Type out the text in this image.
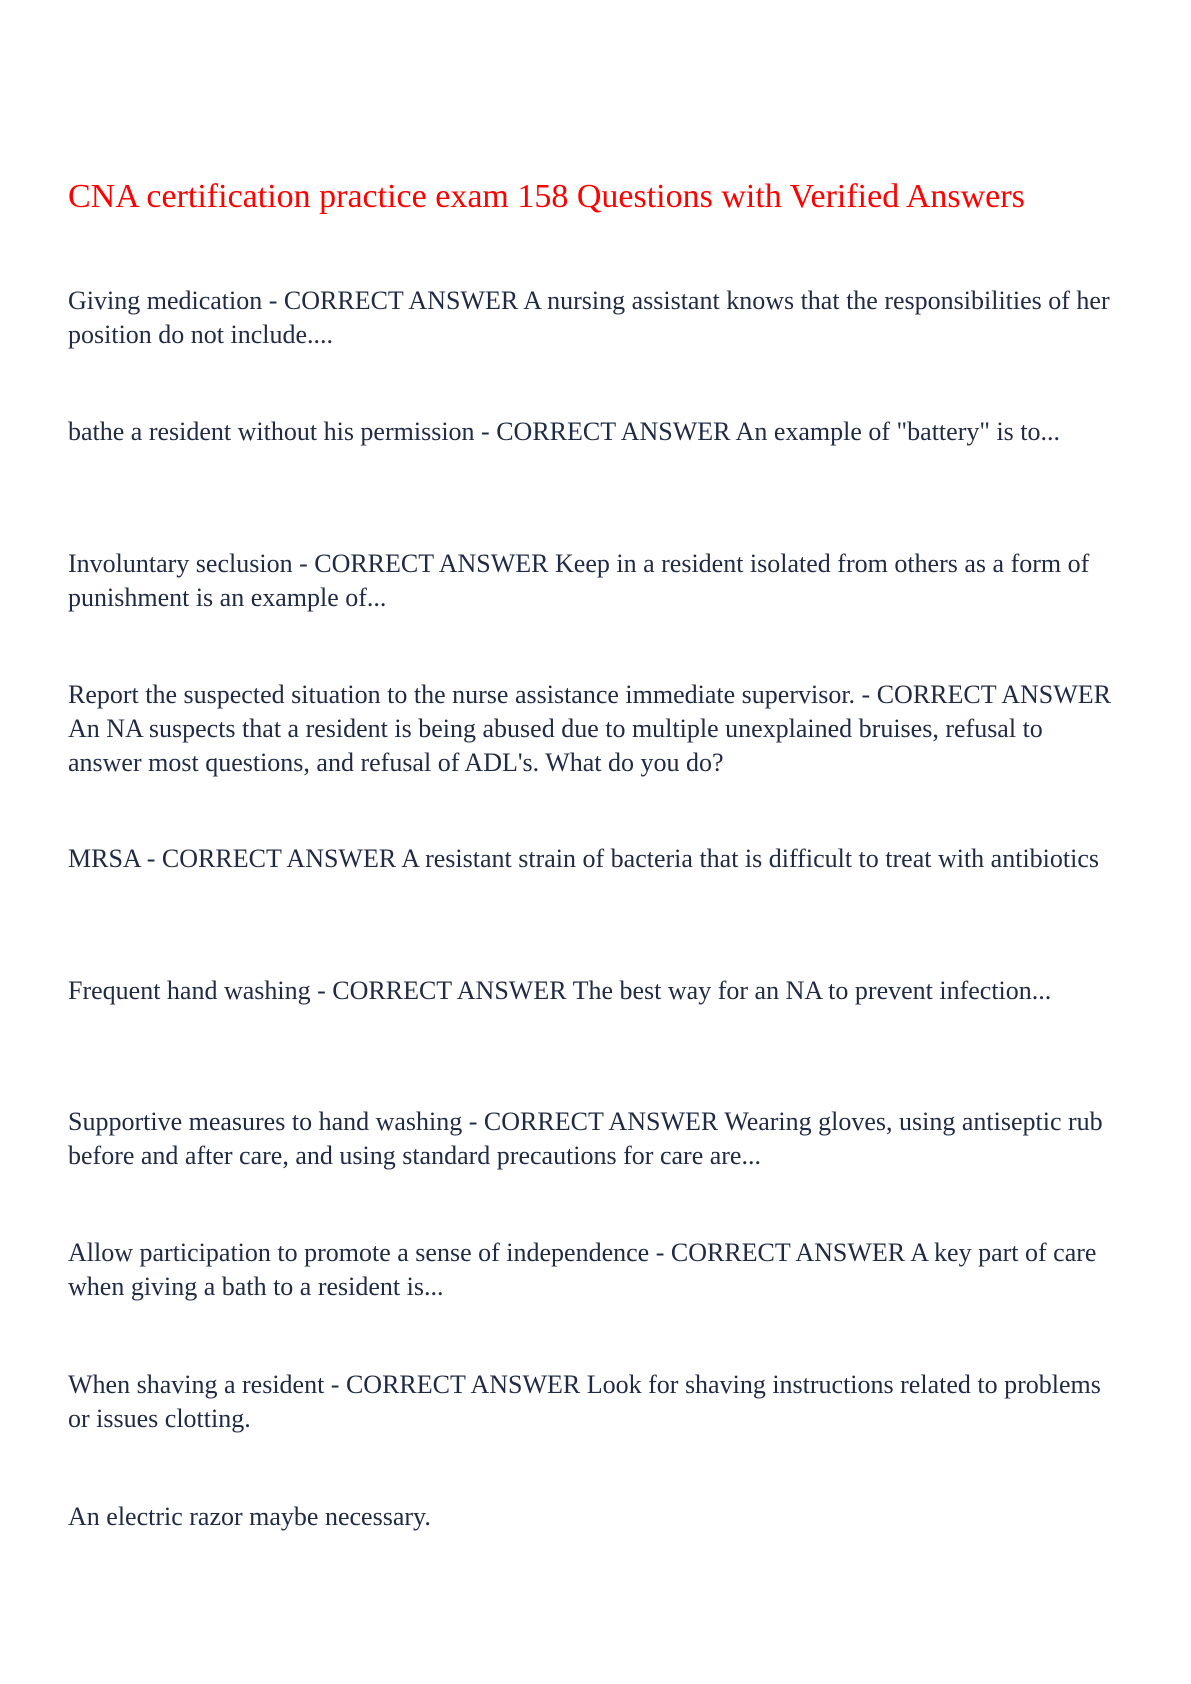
CNA certification practice exam 158 Questions with Verified Answers

Giving medication - CORRECT ANSWER A nursing assistant knows that the responsibilities of her position do not include....

bathe a resident without his permission - CORRECT ANSWER An example of "battery" is to...

Involuntary seclusion - CORRECT ANSWER Keep in a resident isolated from others as a form of punishment is an example of...

Report the suspected situation to the nurse assistance immediate supervisor. - CORRECT ANSWER An NA suspects that a resident is being abused due to multiple unexplained bruises, refusal to answer most questions, and refusal of ADL's. What do you do?

MRSA - CORRECT ANSWER A resistant strain of bacteria that is difficult to treat with antibiotics

Frequent hand washing - CORRECT ANSWER The best way for an NA to prevent infection...

Supportive measures to hand washing - CORRECT ANSWER Wearing gloves, using antiseptic rub before and after care, and using standard precautions for care are...

Allow participation to promote a sense of independence - CORRECT ANSWER A key part of care when giving a bath to a resident is...

When shaving a resident - CORRECT ANSWER Look for shaving instructions related to problems or issues clotting.

An electric razor maybe necessary.
